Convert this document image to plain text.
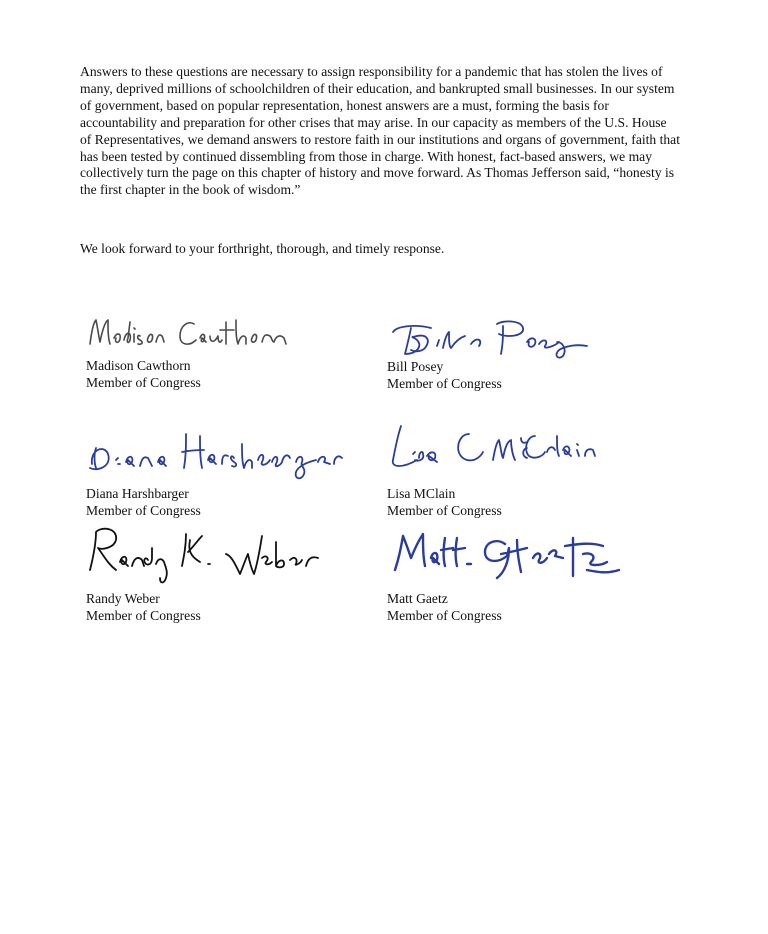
Answers to these questions are necessary to assign responsibility for a pandemic that has stolen the lives of many, deprived millions of schoolchildren of their education, and bankrupted small businesses. In our system of government, based on popular representation, honest answers are a must, forming the basis for accountability and preparation for other crises that may arise. In our capacity as members of the U.S. House of Representatives, we demand answers to restore faith in our institutions and organs of government, faith that has been tested by continued dissembling from those in charge. With honest, fact-based answers, we may collectively turn the page on this chapter of history and move forward. As Thomas Jefferson said, “honesty is the first chapter in the book of wisdom.”

We look forward to your forthright, thorough, and timely response.

Madison Cawthorn
Member of Congress
Bill Posey
Member of Congress
Diana Harshbarger
Member of Congress
Lisa MClain
Member of Congress
Randy Weber
Member of Congress
Matt Gaetz
Member of Congress
